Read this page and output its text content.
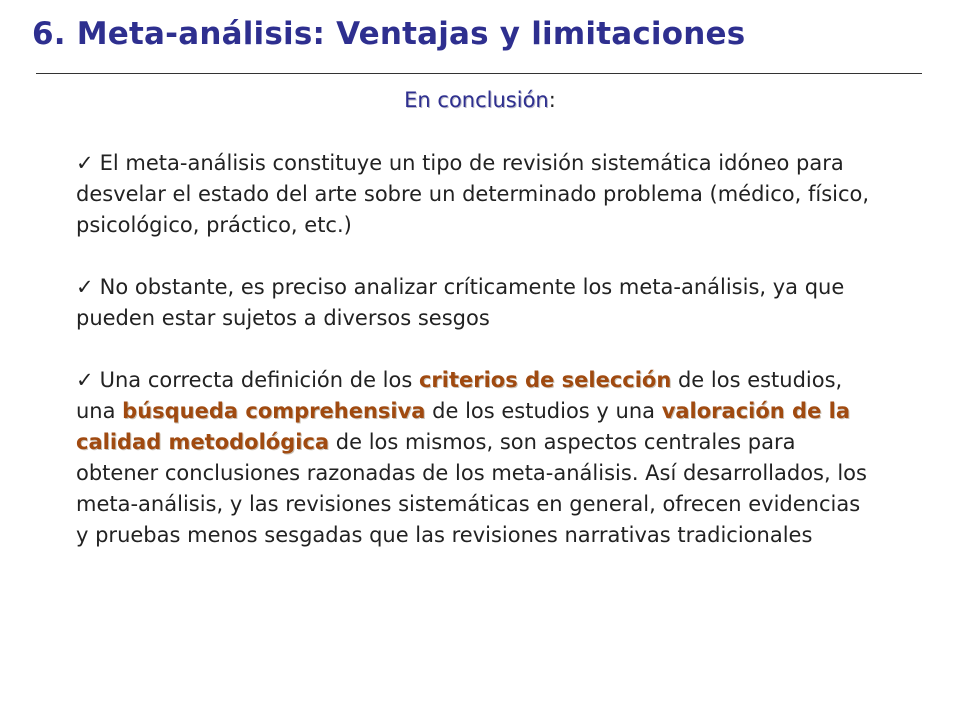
6. Meta-análisis: Ventajas y limitaciones
En conclusión:

✓ El meta-análisis constituye un tipo de revisión sistemática idóneo para desvelar el estado del arte sobre un determinado problema (médico, físico, psicológico, práctico, etc.)

✓ No obstante, es preciso analizar críticamente los meta-análisis, ya que pueden estar sujetos a diversos sesgos

✓ Una correcta definición de los criterios de selección de los estudios, una búsqueda comprehensiva de los estudios y una valoración de la calidad metodológica de los mismos, son aspectos centrales para obtener conclusiones razonadas de los meta-análisis. Así desarrollados, los meta-análisis, y las revisiones sistemáticas en general, ofrecen evidencias y pruebas menos sesgadas que las revisiones narrativas tradicionales
